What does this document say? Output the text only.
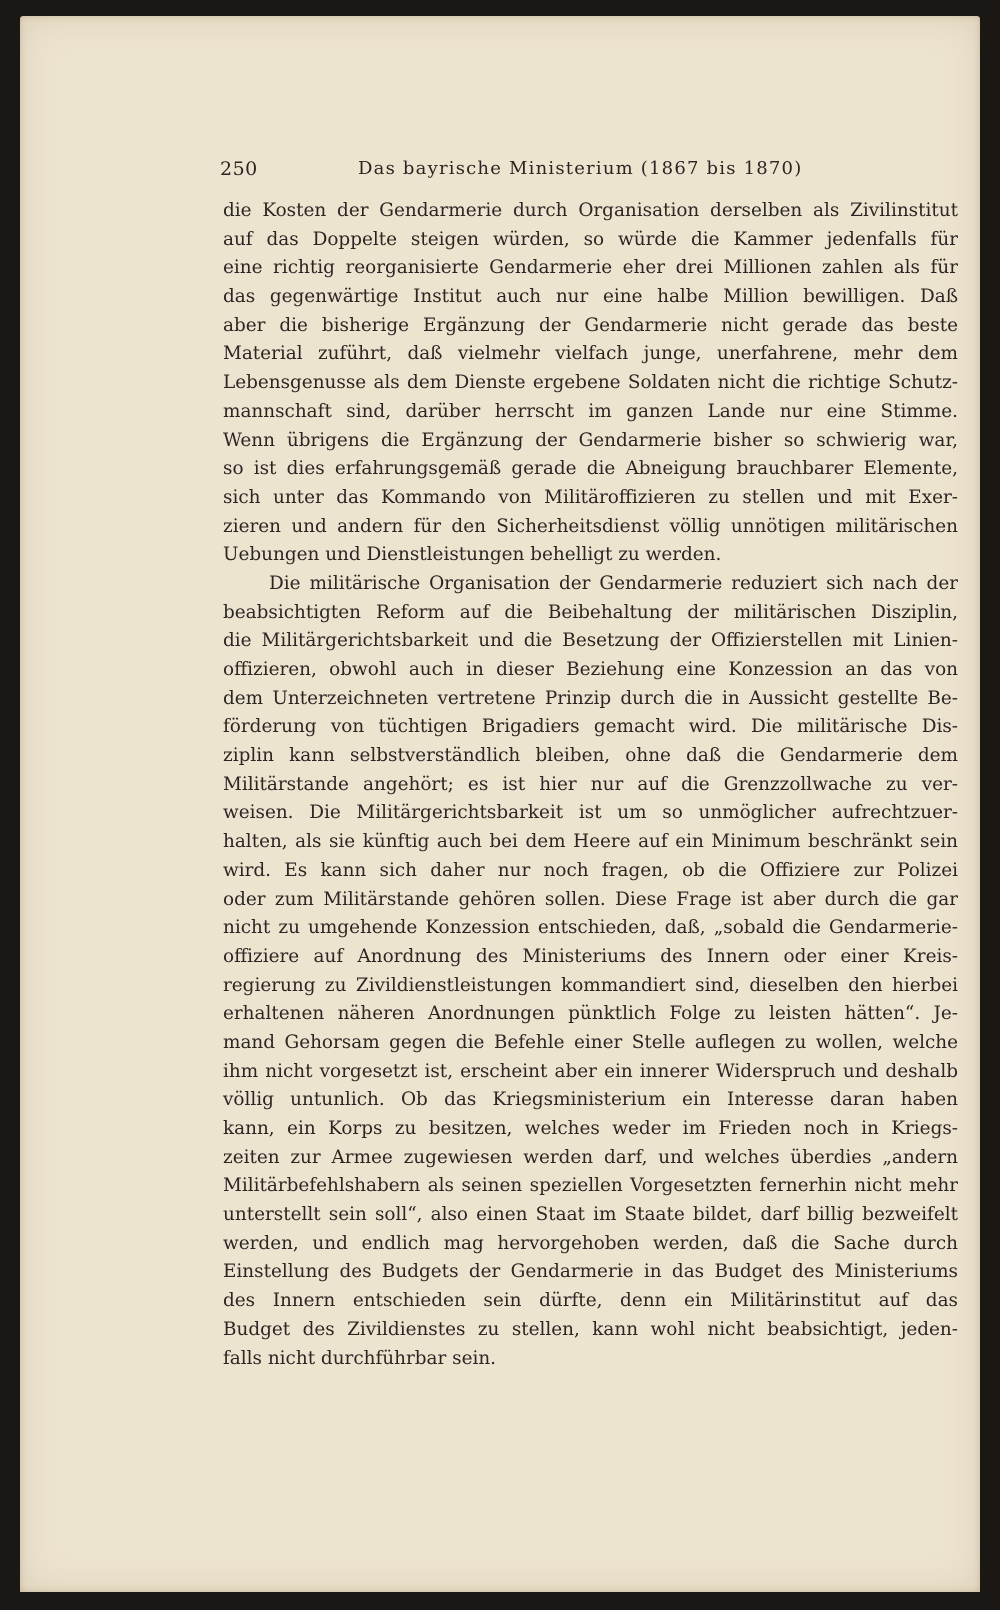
250	Das bayrische Ministerium (1867 bis 1870)
die Kosten der Gendarmerie durch Organisation derselben als Zivilinstitut
auf das Doppelte steigen würden, so würde die Kammer jedenfalls für
eine richtig reorganisierte Gendarmerie eher drei Millionen zahlen als für
das gegenwärtige Institut auch nur eine halbe Million bewilligen. Daß
aber die bisherige Ergänzung der Gendarmerie nicht gerade das beste
Material zuführt, daß vielmehr vielfach junge, unerfahrene, mehr dem
Lebensgenusse als dem Dienste ergebene Soldaten nicht die richtige Schutz-
mannschaft sind, darüber herrscht im ganzen Lande nur eine Stimme.
Wenn übrigens die Ergänzung der Gendarmerie bisher so schwierig war,
so ist dies erfahrungsgemäß gerade die Abneigung brauchbarer Elemente,
sich unter das Kommando von Militäroffizieren zu stellen und mit Exer-
zieren und andern für den Sicherheitsdienst völlig unnötigen militärischen
Uebungen und Dienstleistungen behelligt zu werden.
Die militärische Organisation der Gendarmerie reduziert sich nach der
beabsichtigten Reform auf die Beibehaltung der militärischen Disziplin,
die Militärgerichtsbarkeit und die Besetzung der Offizierstellen mit Linien-
offizieren, obwohl auch in dieser Beziehung eine Konzession an das von
dem Unterzeichneten vertretene Prinzip durch die in Aussicht gestellte Be-
förderung von tüchtigen Brigadiers gemacht wird. Die militärische Dis-
ziplin kann selbstverständlich bleiben, ohne daß die Gendarmerie dem
Militärstande angehört; es ist hier nur auf die Grenzzollwache zu ver-
weisen. Die Militärgerichtsbarkeit ist um so unmöglicher aufrechtzuer-
halten, als sie künftig auch bei dem Heere auf ein Minimum beschränkt sein
wird. Es kann sich daher nur noch fragen, ob die Offiziere zur Polizei
oder zum Militärstande gehören sollen. Diese Frage ist aber durch die gar
nicht zu umgehende Konzession entschieden, daß, „sobald die Gendarmerie-
offiziere auf Anordnung des Ministeriums des Innern oder einer Kreis-
regierung zu Zivildienstleistungen kommandiert sind, dieselben den hierbei
erhaltenen näheren Anordnungen pünktlich Folge zu leisten hätten“. Je-
mand Gehorsam gegen die Befehle einer Stelle auflegen zu wollen, welche
ihm nicht vorgesetzt ist, erscheint aber ein innerer Widerspruch und deshalb
völlig untunlich. Ob das Kriegsministerium ein Interesse daran haben
kann, ein Korps zu besitzen, welches weder im Frieden noch in Kriegs-
zeiten zur Armee zugewiesen werden darf, und welches überdies „andern
Militärbefehlshabern als seinen speziellen Vorgesetzten fernerhin nicht mehr
unterstellt sein soll“, also einen Staat im Staate bildet, darf billig bezweifelt
werden, und endlich mag hervorgehoben werden, daß die Sache durch
Einstellung des Budgets der Gendarmerie in das Budget des Ministeriums
des Innern entschieden sein dürfte, denn ein Militärinstitut auf das
Budget des Zivildienstes zu stellen, kann wohl nicht beabsichtigt, jeden-
falls nicht durchführbar sein.
